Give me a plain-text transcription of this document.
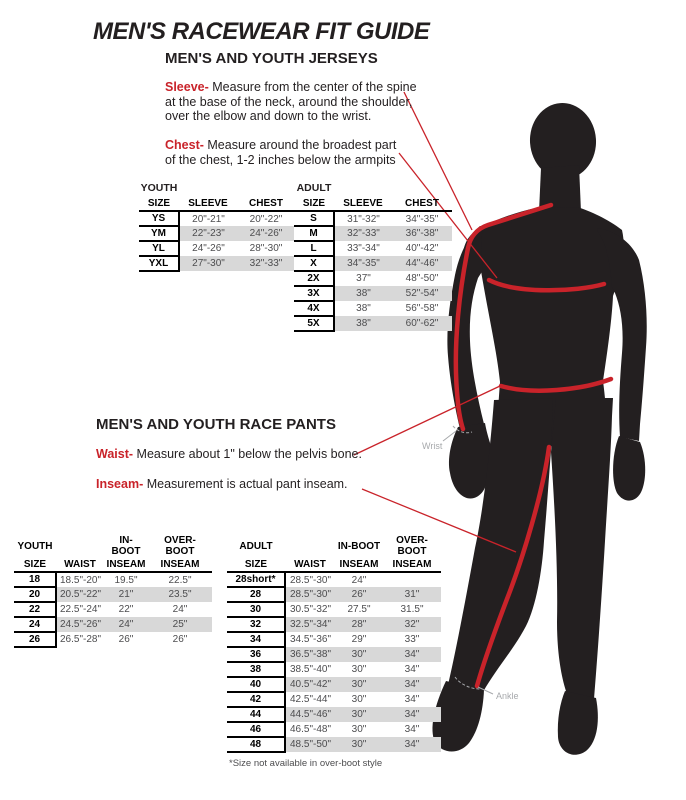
Wrist
Ankle
MEN'S RACEWEAR FIT GUIDE
MEN'S AND YOUTH JERSEYS

Sleeve- Measure from the center of the spine
at the base of the neck, around the shoulder,
over the elbow and down to the wrist.

Chest- Measure around the broadest part
of the chest, 1-2 inches below the armpits

YOUTH
SIZE	SLEEVE	CHEST
YS	20"-21"	20"-22"
YM	22"-23"	24"-26"
YL	24"-26"	28"-30"
YXL	27"-30"	32"-33"
ADULT
SIZE	SLEEVE	CHEST
S	31"-32"	34"-35"
M	32"-33"	36"-38"
L	33"-34"	40"-42"
X	34"-35"	44"-46"
2X	37"	48"-50"
3X	38"	52"-54"
4X	38"	56"-58"
5X	38"	60"-62"
MEN'S AND YOUTH RACE PANTS

Waist- Measure about 1" below the pelvis bone.

Inseam- Measurement is actual pant inseam.

YOUTH		IN-BOOT	OVER-BOOT
SIZE	WAIST	INSEAM	INSEAM
18	18.5"-20"	19.5"	22.5"
20	20.5"-22"	21"	23.5"
22	22.5"-24"	22"	24"
24	24.5"-26"	24"	25"
26	26.5"-28"	26"	26"
ADULT		IN-BOOT	OVER-BOOT
SIZE	WAIST	INSEAM	INSEAM
28short*	28.5"-30"	24"	
28	28.5"-30"	26"	31"
30	30.5"-32"	27.5"	31.5"
32	32.5"-34"	28"	32"
34	34.5"-36"	29"	33"
36	36.5"-38"	30"	34"
38	38.5"-40"	30"	34"
40	40.5"-42"	30"	34"
42	42.5"-44"	30"	34"
44	44.5"-46"	30"	34"
46	46.5"-48"	30"	34"
48	48.5"-50"	30"	34"
*Size not available in over-boot style
